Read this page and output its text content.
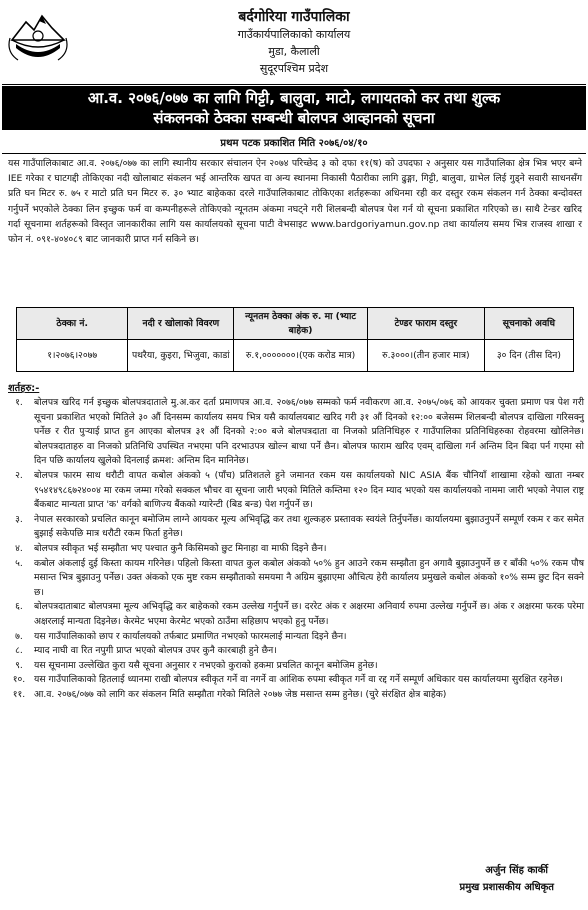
बर्दगोरिया गाउँपालिका
गाउँकार्यपालिकाको कार्यालय
मुडा, कैलाली
सुदूरपश्चिम प्रदेश
आ.व. २०७६/०७७ का लागि गिट्टी, बालुवा, माटो, लगायतको कर तथा शुल्क
संकलनको ठेक्का सम्बन्धी बोलपत्र आव्हानको सूचना
प्रथम पटक प्रकाशित मिति २०७६/०४/१०
यस गाउँपालिकाबाट आ.व. २०७६/०७७ का लागि स्थानीय सरकार संचालन ऐन २०७४ परिच्छेद ३ को दफा ११(ष) को उपदफा २ अनुसार यस गाउँपालिका क्षेत्र भित्र भएर बग्ने IEE गरेका र घाटगद्दी तोकिएका नदी खोलाबाट संकलन भई आन्तरिक खपत वा अन्य स्थानमा निकासी पैठारीका लागि ढुङ्गा, गिट्टी, बालुवा, ग्राभेल लिई गुड्ने सवारी साधनसँग प्रति घन मिटर रु. ७५ र माटो प्रति घन मिटर रु. ३० भ्याट बाहेकका दरले गाउँपालिकाबाट तोकिएका शर्तहरूका अधिनमा रही कर दस्तुर रकम संकलन गर्न ठेक्का बन्दोवस्त गर्नुपर्ने भएकोले ठेक्का लिन इच्छुक फर्म वा कम्पनीहरूले तोकिएको न्यूनतम अंकमा नघट्ने गरी शिलबन्दी बोलपत्र पेश गर्न यो सूचना प्रकाशित गरिएको छ। साथै टेन्डर खरिद गर्दा सूचनामा शर्तहरूको विस्तृत जानकारीका लागि यस कार्यालयको सूचना पाटी वेभसाइट www.bardgoriyamun.gov.np तथा कार्यालय समय भित्र राजस्व शाखा र फोन नं. ०९१-४०४०८९ बाट जानकारी प्राप्त गर्न सकिने छ।
ठेक्का नं.	नदी र खोलाको विवरण	न्यूनतम ठेक्का अंक रु. मा (भ्याट बाहेक)	टेण्डर फाराम दस्तुर	सूचनाको अवधि
१।२०७६।२०७७	पथरैया, कुइरा, भिजुवा, काडां	रु.१,०००००००।(एक करोड मात्र)	रु.३०००।(तीन हजार मात्र)	३० दिन (तीस दिन)
शर्तहरु:-
१.	बोलपत्र खरिद गर्न इच्छुक बोलपत्रदाताले मु.अ.कर दर्ता प्रमाणपत्र आ.व. २०७६/०७७ सम्मको फर्म नवीकरण आ.व. २०७५/०७६ को आयकर चुक्ता प्रमाण पत्र पेश गरी सूचना प्रकाशित भएको मितिले ३० औं दिनसम्म कार्यालय समय भित्र यसै कार्यालयबाट खरिद गरी ३१ औं दिनको १२:०० बजेसम्म शिलबन्दी बोलपत्र दाखिला गरिसक्नु पर्नेछ र रीत पुऱ्याई प्राप्त हुन आएका बोलपत्र ३१ औं दिनको २:०० बजे बोलपत्रदाता वा निजको प्रतिनिधिहरु र गाउँपालिका प्रतिनिधिहरुका रोहवरमा खोलिनेछ। बोलपत्रदाताहरु वा निजको प्रतिनिधि उपस्थित नभएमा पनि दरभाउपत्र खोल्न बाधा पर्ने छैन। बोलपत्र फाराम खरिद एवम् दाखिला गर्न अन्तिम दिन बिदा पर्न गएमा सो दिन पछि कार्यालय खुलेको दिनलाई क्रमश: अन्तिम दिन मानिनेछ।
२.	बोलपत्र फारम साथ धरौटी वापत कबोल अंकको ५ (पाँच) प्रतिशतले हुने जमानत रकम यस कार्यालयको NIC ASIA बैंक चौनियाँ शाखामा रहेको खाता नम्बर ९५४१४९८६७२४००४ मा रकम जम्मा गरेको सक्कल भौचर वा सूचना जारी भएको मितिले कम्तिमा १२० दिन म्याद भएको यस कार्यालयको नाममा जारी भएको नेपाल राष्ट्र बैंकबाट मान्यता प्राप्त 'क' वर्गको बाणिज्य बैंकको ग्यारेन्टी (बिड बन्ड) पेश गर्नुपर्ने छ।
३.	नेपाल सरकारको प्रचलित कानून बमोजिम लाग्ने आयकर मूल्य अभिवृद्धि कर तथा शुल्कहरु प्रस्तावक स्वयंले तिर्नुपर्नेछ। कार्यालयमा बुझाउनुपर्ने सम्पूर्ण रकम र कर समेत बुझाई सकेपछि मात्र धरौटी रकम फिर्ता हुनेछ।
४.	बोलपत्र स्वीकृत भई सम्झौता भए पश्चात कुनै किसिमको छुट मिनाहा वा माफी दिइने छैन।
५.	कबोल अंकलाई दुई किस्ता कायम गरिनेछ। पहिलो किस्ता वापत कुल कबोल अंकको ५०% हुन आउने रकम सम्झौता हुन अगावै बुझाउनुपर्ने छ र बाँकी ५०% रकम पौष मसान्त भित्र बुझाउनु पर्नेछ। उक्त अंकको एक मुष्ट रकम सम्झौताको समयमा नै अग्रिम बुझाएमा औचित्य हेरी कार्यालय प्रमुखले कबोल अंकको १०% सम्म छुट दिन सक्ने छ।
६.	बोलपत्रदाताबाट बोलपत्रमा मूल्य अभिवृद्धि कर बाहेकको रकम उल्लेख गर्नुपर्ने छ। दररेट अंक र अक्षरमा अनिवार्य रुपमा उल्लेख गर्नुपर्ने छ। अंक र अक्षरमा फरक परेमा अक्षरलाई मान्यता दिइनेछ। केरमेट भएमा केरमेट भएको ठाउँमा सहिछाप भएको हुनु पर्नेछ।
७.	यस गाउँपालिकाको छाप र कार्यालयको तर्फबाट प्रमाणित नभएको फारमलाई मान्यता दिइने छैन।
८.	म्याद नाघी वा रित नपुगी प्राप्त भएको बोलपत्र उपर कुनै कारबाही हुने छैन।
९.	यस सूचनामा उल्लेखित कुरा यसै सूचना अनुसार र नभएको कुराको हकमा प्रचलित कानून बमोजिम हुनेछ।
१०. यस गाउँपालिकाको हितलाई ध्यानमा राखी बोलपत्र स्वीकृत गर्ने वा नगर्ने वा आंशिक रुपमा स्वीकृत गर्ने वा रद्द गर्ने सम्पूर्ण अधिकार यस कार्यालयमा सुरक्षित रहनेछ।
११. आ.व. २०७६/०७७ को लागि कर संकलन मिति सम्झौता गरेको मितिले २०७७ जेष्ठ मसान्त सम्म हुनेछ। (चुरे संरक्षित क्षेत्र बाहेक)
अर्जुन सिंह कार्की
प्रमुख प्रशासकीय अधिकृत
